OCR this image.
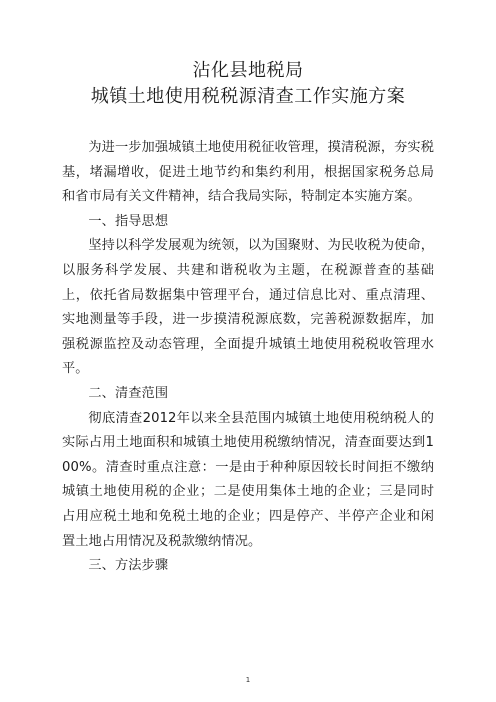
沾化县地税局
城镇土地使用税税源清查工作实施方案

为进一步加强城镇土地使用税征收管理，摸清税源，夯实税基，堵漏增收，促进土地节约和集约利用，根据国家税务总局和省市局有关文件精神，结合我局实际，特制定本实施方案。

一、指导思想

坚持以科学发展观为统领，以为国聚财、为民收税为使命，以服务科学发展、共建和谐税收为主题，在税源普查的基础上，依托省局数据集中管理平台，通过信息比对、重点清理、实地测量等手段，进一步摸清税源底数，完善税源数据库，加强税源监控及动态管理，全面提升城镇土地使用税税收管理水平。

二、清查范围

彻底清查2012年以来全县范围内城镇土地使用税纳税人的实际占用土地面积和城镇土地使用税缴纳情况，清查面要达到100%。清查时重点注意：一是由于种种原因较长时间拒不缴纳城镇土地使用税的企业；二是使用集体土地的企业；三是同时占用应税土地和免税土地的企业；四是停产、半停产企业和闲置土地占用情况及税款缴纳情况。

三、方法步骤

1
